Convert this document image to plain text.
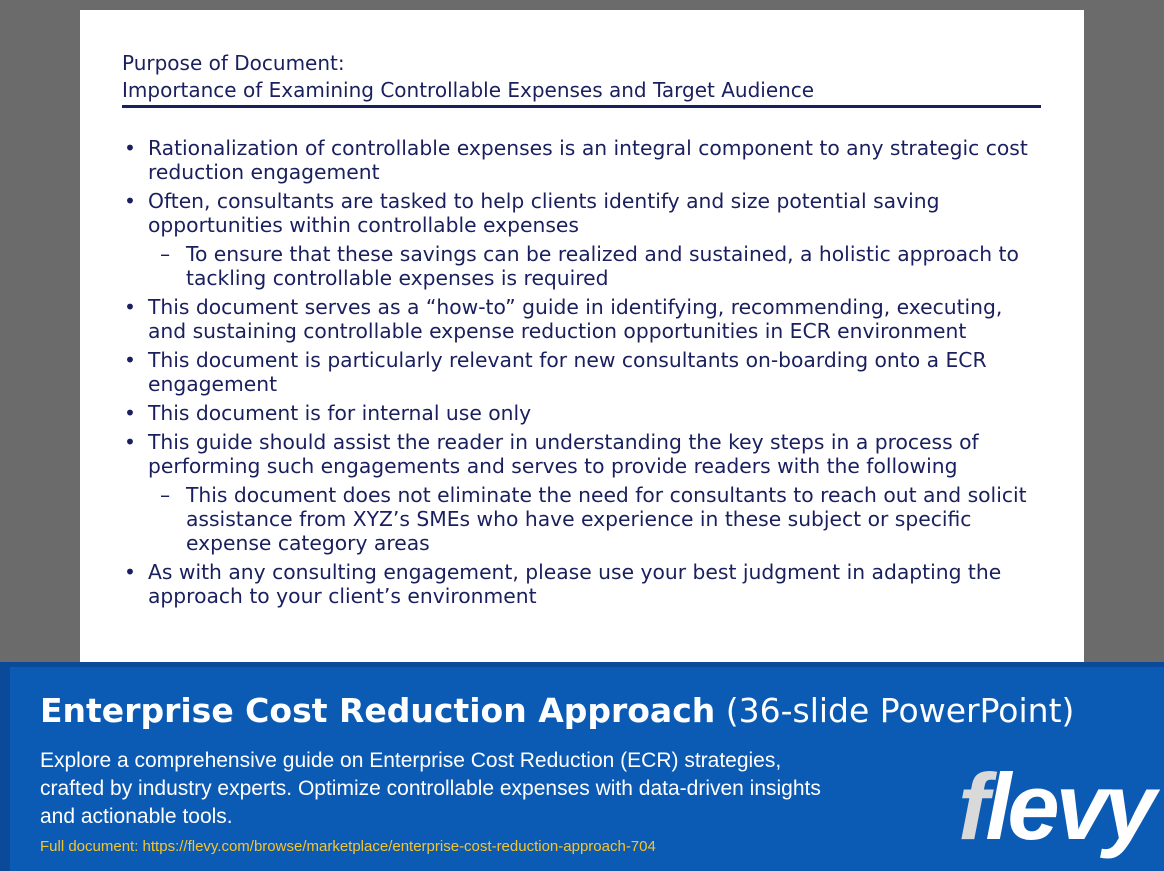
Purpose of Document:
Importance of Examining Controllable Expenses and Target Audience
• Rationalization of controllable expenses is an integral component to any strategic cost reduction engagement
• Often, consultants are tasked to help clients identify and size potential saving opportunities within controllable expenses
– To ensure that these savings can be realized and sustained, a holistic approach to tackling controllable expenses is required
• This document serves as a “how-to” guide in identifying, recommending, executing, and sustaining controllable expense reduction opportunities in ECR environment
• This document is particularly relevant for new consultants on-boarding onto a ECR engagement
• This document is for internal use only
• This guide should assist the reader in understanding the key steps in a process of performing such engagements and serves to provide readers with the following
– This document does not eliminate the need for consultants to reach out and solicit assistance from XYZ’s SMEs who have experience in these subject or specific expense category areas
• As with any consulting engagement, please use your best judgment in adapting the approach to your client’s environment
Enterprise Cost Reduction Approach (36-slide PowerPoint)
Explore a comprehensive guide on Enterprise Cost Reduction (ECR) strategies, crafted by industry experts. Optimize controllable expenses with data-driven insights and actionable tools.
Full document: https://flevy.com/browse/marketplace/enterprise-cost-reduction-approach-704	flevy
